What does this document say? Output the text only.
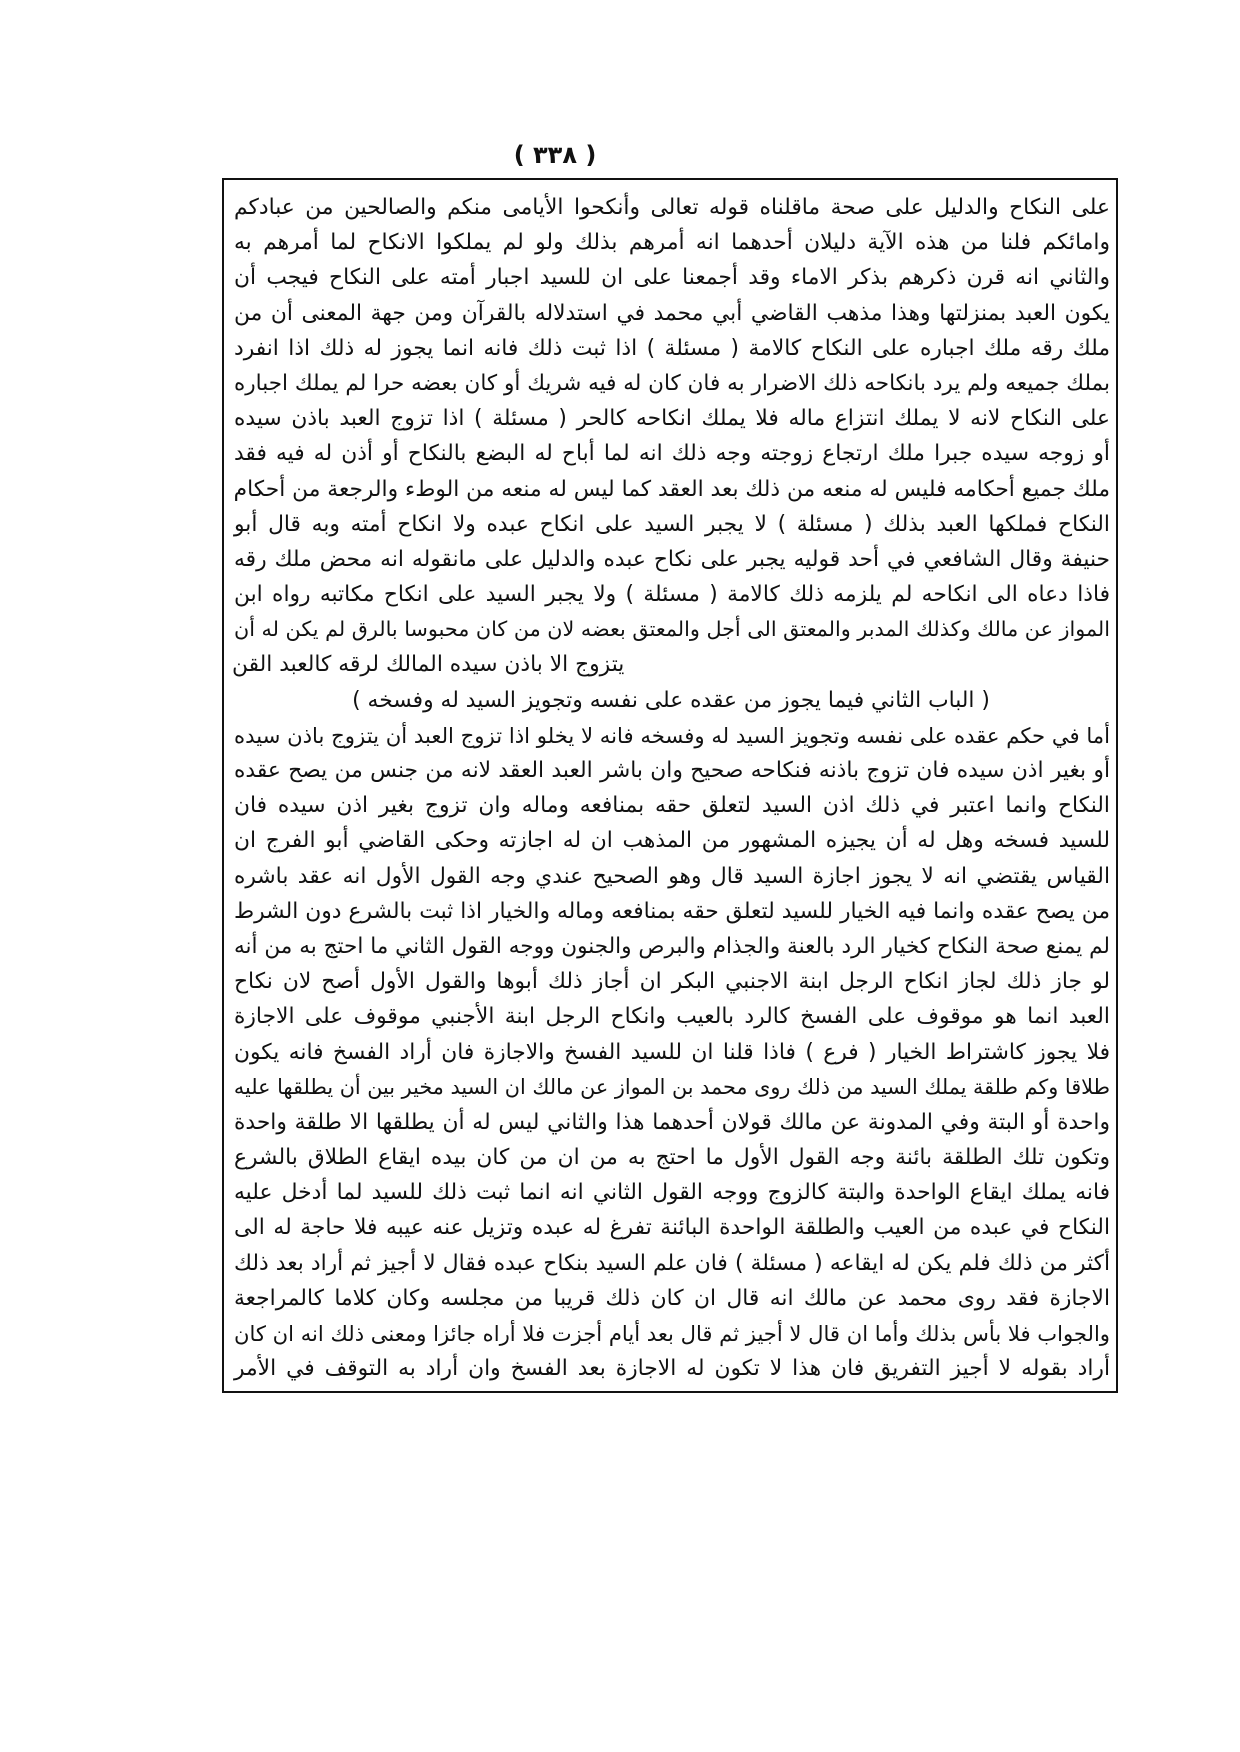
( ٣٣٨ )
على النكاح والدليل على صحة ماقلناه قوله تعالى وأنكحوا الأيامى منكم والصالحين من عبادكم
وامائكم فلنا من هذه الآية دليلان أحدهما انه أمرهم بذلك ولو لم يملكوا الانكاح لما أمرهم به
والثاني انه قرن ذكرهم بذكر الاماء وقد أجمعنا على ان للسيد اجبار أمته على النكاح فيجب أن
يكون العبد بمنزلتها وهذا مذهب القاضي أبي محمد في استدلاله بالقرآن ومن جهة المعنى أن من
ملك رقه ملك اجباره على النكاح كالامة ( مسئلة ) اذا ثبت ذلك فانه انما يجوز له ذلك اذا انفرد
بملك جميعه ولم يرد بانكاحه ذلك الاضرار به فان كان له فيه شريك أو كان بعضه حرا لم يملك اجباره
على النكاح لانه لا يملك انتزاع ماله فلا يملك انكاحه كالحر ( مسئلة ) اذا تزوج العبد باذن سيده
أو زوجه سيده جبرا ملك ارتجاع زوجته وجه ذلك انه لما أباح له البضع بالنكاح أو أذن له فيه فقد
ملك جميع أحكامه فليس له منعه من ذلك بعد العقد كما ليس له منعه من الوطء والرجعة من أحكام
النكاح فملكها العبد بذلك ( مسئلة ) لا يجبر السيد على انكاح عبده ولا انكاح أمته وبه قال أبو
حنيفة وقال الشافعي في أحد قوليه يجبر على نكاح عبده والدليل على مانقوله انه محض ملك رقه
فاذا دعاه الى انكاحه لم يلزمه ذلك كالامة ( مسئلة ) ولا يجبر السيد على انكاح مكاتبه رواه ابن
المواز عن مالك وكذلك المدبر والمعتق الى أجل والمعتق بعضه لان من كان محبوسا بالرق لم يكن له أن
يتزوج الا باذن سيده المالك لرقه كالعبد القن
( الباب الثاني فيما يجوز من عقده على نفسه وتجويز السيد له وفسخه )
أما في حكم عقده على نفسه وتجويز السيد له وفسخه فانه لا يخلو اذا تزوج العبد أن يتزوج باذن سيده
أو بغير اذن سيده فان تزوج باذنه فنكاحه صحيح وان باشر العبد العقد لانه من جنس من يصح عقده
النكاح وانما اعتبر في ذلك اذن السيد لتعلق حقه بمنافعه وماله وان تزوج بغير اذن سيده فان
للسيد فسخه وهل له أن يجيزه المشهور من المذهب ان له اجازته وحكى القاضي أبو الفرج ان
القياس يقتضي انه لا يجوز اجازة السيد قال وهو الصحيح عندي وجه القول الأول انه عقد باشره
من يصح عقده وانما فيه الخيار للسيد لتعلق حقه بمنافعه وماله والخيار اذا ثبت بالشرع دون الشرط
لم يمنع صحة النكاح كخيار الرد بالعنة والجذام والبرص والجنون ووجه القول الثاني ما احتج به من أنه
لو جاز ذلك لجاز انكاح الرجل ابنة الاجنبي البكر ان أجاز ذلك أبوها والقول الأول أصح لان نكاح
العبد انما هو موقوف على الفسخ كالرد بالعيب وانكاح الرجل ابنة الأجنبي موقوف على الاجازة
فلا يجوز كاشتراط الخيار ( فرع ) فاذا قلنا ان للسيد الفسخ والاجازة فان أراد الفسخ فانه يكون
طلاقا وكم طلقة يملك السيد من ذلك روى محمد بن المواز عن مالك ان السيد مخير بين أن يطلقها عليه
واحدة أو البتة وفي المدونة عن مالك قولان أحدهما هذا والثاني ليس له أن يطلقها الا طلقة واحدة
وتكون تلك الطلقة بائنة وجه القول الأول ما احتج به من ان من كان بيده ايقاع الطلاق بالشرع
فانه يملك ايقاع الواحدة والبتة كالزوج ووجه القول الثاني انه انما ثبت ذلك للسيد لما أدخل عليه
النكاح في عبده من العيب والطلقة الواحدة البائنة تفرغ له عبده وتزيل عنه عيبه فلا حاجة له الى
أكثر من ذلك فلم يكن له ايقاعه ( مسئلة ) فان علم السيد بنكاح عبده فقال لا أجيز ثم أراد بعد ذلك
الاجازة فقد روى محمد عن مالك انه قال ان كان ذلك قريبا من مجلسه وكان كلاما كالمراجعة
والجواب فلا بأس بذلك وأما ان قال لا أجيز ثم قال بعد أيام أجزت فلا أراه جائزا ومعنى ذلك انه ان كان
أراد بقوله لا أجيز التفريق فان هذا لا تكون له الاجازة بعد الفسخ وان أراد به التوقف في الأمر
